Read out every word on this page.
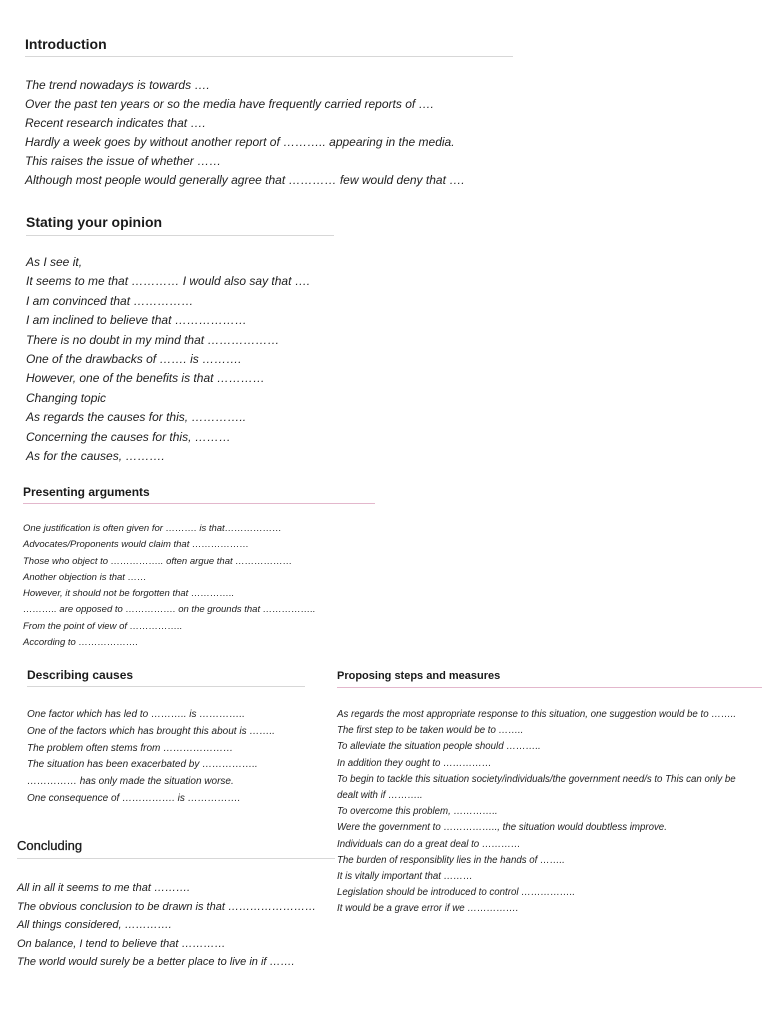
Introduction
The trend nowadays is towards ….
Over the past ten years or so the media have frequently carried reports of ….
Recent research indicates that ….
Hardly a week goes by without another report of ……….. appearing in the media.
This raises the issue of whether ……
Although most people would generally agree that ………… few would deny that ….
Stating your opinion
As I see it,
It seems to me that ………… I would also say that ….
I am convinced that ……………
I am inclined to believe that ………………
There is no doubt in my mind that ………………
One of the drawbacks of ……. is ……….
However, one of the benefits is that …………
Changing topic
As regards the causes for this, …………..
Concerning the causes for this, ………
As for the causes, ……….
Presenting arguments
One justification is often given for ………. is that………………
Advocates/Proponents would claim that ………………
Those who object to …………….. often argue that ………………
Another objection is that ……
However, it should not be forgotten that …………..
……….. are opposed to ……………. on the grounds that ……………..
From the point of view of ……………..
According to ……………….
Describing causes
One factor which has led to ……….. is …………..
One of the factors which has brought this about is ……..
The problem often stems from …………………
The situation has been exacerbated by ……………..
…………… has only made the situation worse.
One consequence of ……………. is …………….
Proposing steps and measures
As regards the most appropriate response to this situation, one suggestion would be to ……..
The first step to be taken would be to ……..
To alleviate the situation people should ………..
In addition they ought to ……………
To begin to tackle this situation society/individuals/the government need/s to This can only be dealt with if ………..
To overcome this problem, …………..
Were the government to …………….., the situation would doubtless improve.
Individuals can do a great deal to …………
The burden of responsiblity lies in the hands of ……..
It is vitally important that ………
Legislation should be introduced to control ……………..
It would be a grave error if we …………….
Concluding
All in all it seems to me that ……….
The obvious conclusion to be drawn is that ……………………
All things considered, ………….
On balance, I tend to believe that …………
The world would surely be a better place to live in if …….
